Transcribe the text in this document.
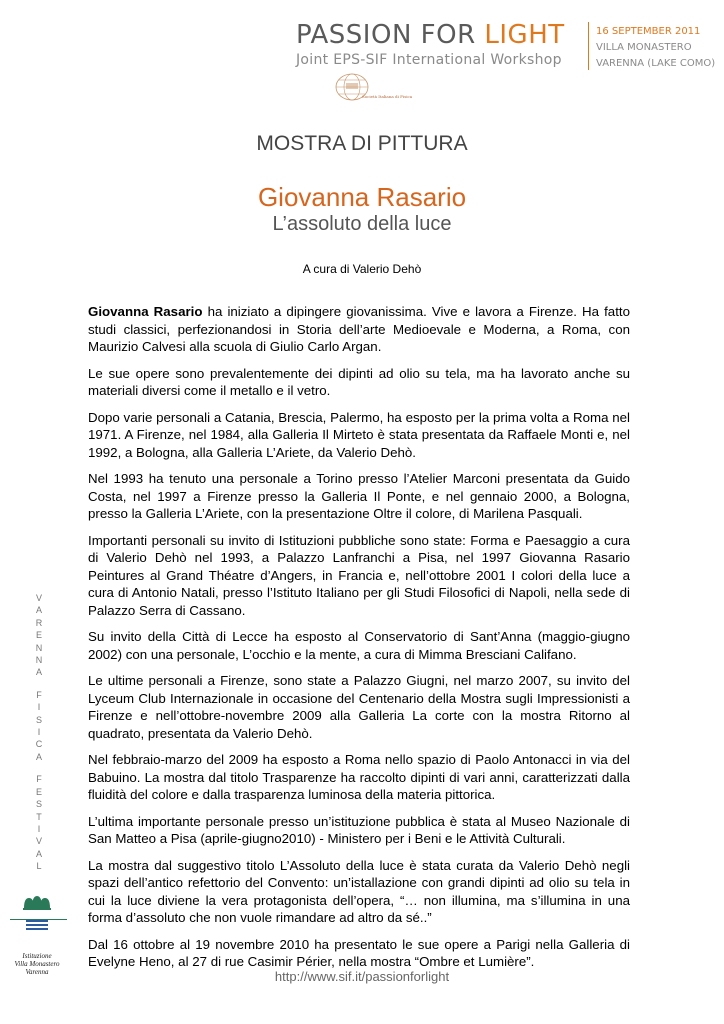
PASSION FOR LIGHT
Joint EPS-SIF International Workshop
16 SEPTEMBER 2011
VILLA MONASTERO
VARENNA (LAKE COMO)
Società Italiana di Fisica
MOSTRA DI PITTURA
Giovanna Rasario
L’assoluto della luce
A cura di Valerio Dehò

Giovanna Rasario ha iniziato a dipingere giovanissima. Vive e lavora a Firenze. Ha fatto studi classici, perfezionandosi in Storia dell’arte Medioevale e Moderna, a Roma, con Maurizio Calvesi alla scuola di Giulio Carlo Argan.

Le sue opere sono prevalentemente dei dipinti ad olio su tela, ma ha lavorato anche su materiali diversi come il metallo e il vetro.

Dopo varie personali a Catania, Brescia, Palermo, ha esposto per la prima volta a Roma nel 1971. A Firenze, nel 1984, alla Galleria Il Mirteto è stata presentata da Raffaele Monti e, nel 1992, a Bologna, alla Galleria L’Ariete, da Valerio Dehò.

Nel 1993 ha tenuto una personale a Torino presso l’Atelier Marconi presentata da Guido Costa, nel 1997 a Firenze presso la Galleria Il Ponte, e nel gennaio 2000, a Bologna, presso la Galleria L’Ariete, con la presentazione Oltre il colore, di Marilena Pasquali.

Importanti personali su invito di Istituzioni pubbliche sono state: Forma e Paesaggio a cura di Valerio Dehò nel 1993, a Palazzo Lanfranchi a Pisa, nel 1997 Giovanna Rasario Peintures al Grand Théatre d’Angers, in Francia e, nell’ottobre 2001 I colori della luce a cura di Antonio Natali, presso l’Istituto Italiano per gli Studi Filosofici di Napoli, nella sede di Palazzo Serra di Cassano.

Su invito della Città di Lecce ha esposto al Conservatorio di Sant’Anna (maggio-giugno 2002) con una personale, L’occhio e la mente, a cura di Mimma Bresciani Califano.

Le ultime personali a Firenze, sono state a Palazzo Giugni, nel marzo 2007, su invito del Lyceum Club Internazionale in occasione del Centenario della Mostra sugli Impressionisti a Firenze e nell’ottobre-novembre 2009 alla Galleria La corte con la mostra Ritorno al quadrato, presentata da Valerio Dehò.

Nel febbraio-marzo del 2009 ha esposto a Roma nello spazio di Paolo Antonacci in via del Babuino. La mostra dal titolo Trasparenze ha raccolto dipinti di vari anni, caratterizzati dalla fluidità del colore e dalla trasparenza luminosa della materia pittorica.

L’ultima importante personale presso un’istituzione pubblica è stata al Museo Nazionale di San Matteo a Pisa (aprile-giugno2010) - Ministero per i Beni e le Attività Culturali.

La mostra dal suggestivo titolo L’Assoluto della luce è stata curata da Valerio Dehò negli spazi dell’antico refettorio del Convento: un’istallazione con grandi dipinti ad olio su tela in cui la luce diviene la vera protagonista dell’opera, “… non illumina, ma s’illumina in una forma d’assoluto che non vuole rimandare ad altro da sé..”

Dal 16 ottobre al 19 novembre 2010 ha presentato le sue opere a Parigi nella Galleria di Evelyne Heno, al 27 di rue Casimir Périer, nella mostra “Ombre et Lumière”.

V
A
R
E
N
N
A
F
I
S
I
C
A
F
E
S
T
I
V
A
L
Istituzione
Villa Monastero
Varenna	http://www.sif.it/passionforlight
